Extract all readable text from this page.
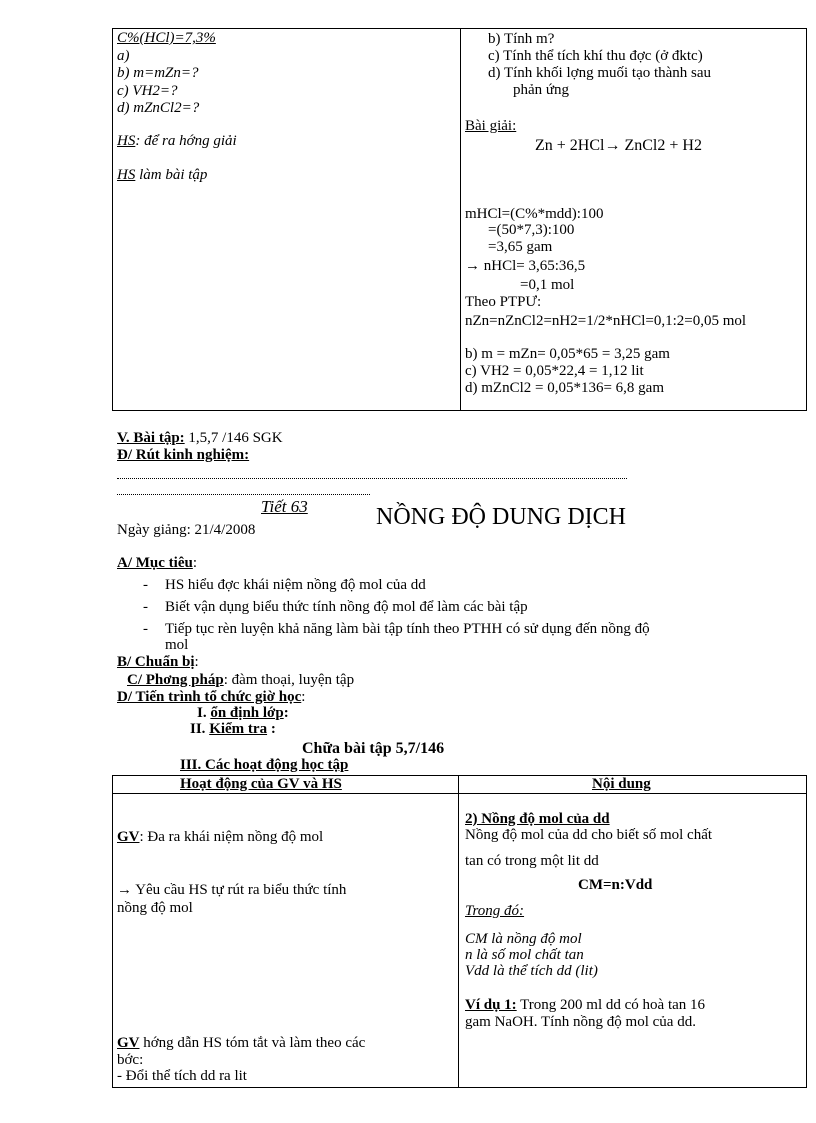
C%(HCl)=7,3%
a)
b) m=mZn=?
c) VH2=?
d) mZnCl2=?
HS: để ra hớng giải
HS làm bài tập
b) Tính m?
c) Tính thể tích khí thu đợc (ở đktc)
d) Tính khối lợng muối tạo thành sau
phản ứng
Bài giải:
Zn + 2HCl→ ZnCl2 + H2
mHCl=(C%*mdd):100
=(50*7,3):100
=3,65 gam
→ nHCl= 3,65:36,5
=0,1 mol
Theo PTPƯ:
nZn=nZnCl2=nH2=1/2*nHCl=0,1:2=0,05 mol
b) m = mZn= 0,05*65 = 3,25 gam
c) VH2 = 0,05*22,4 = 1,12 lit
d) mZnCl2 = 0,05*136= 6,8 gam
V. Bài tập: 1,5,7 /146 SGK
Đ/ Rút kinh nghiệm:
Tiết 63
Ngày giảng: 21/4/2008	NỒNG ĐỘ DUNG DỊCH
A/ Mục tiêu:
- HS hiểu đợc khái niệm nồng độ mol của dd
- Biết vận dụng biểu thức tính nồng độ mol để làm các bài tập
- Tiếp tục rèn luyện khả năng làm bài tập tính theo PTHH có sử dụng đến nồng độ
mol
B/ Chuẩn bị:
C/ Phơng pháp: đàm thoại, luyện tập
D/ Tiến trình tổ chức giờ học:
I. ổn định lớp:
II. Kiểm tra :
Chữa bài tập 5,7/146
III. Các hoạt động học tập
Hoạt động của GV và HS	Nội dung
GV: Đa ra khái niệm nồng độ mol
→ Yêu cầu HS tự rút ra biểu thức tính
nồng độ mol
GV hớng dẫn HS tóm tắt và làm theo các
bớc:
- Đổi thể tích dd ra lit
2) Nồng độ mol của dd
Nồng độ mol của dd cho biết số mol chất
tan có trong một lit dd
CM=n:Vdd
Trong đó:
CM là nồng độ mol
n là số mol chất tan
Vdd là thể tích dd (lit)
Ví dụ 1: Trong 200 ml dd có hoà tan 16
gam NaOH. Tính nồng độ mol của dd.
